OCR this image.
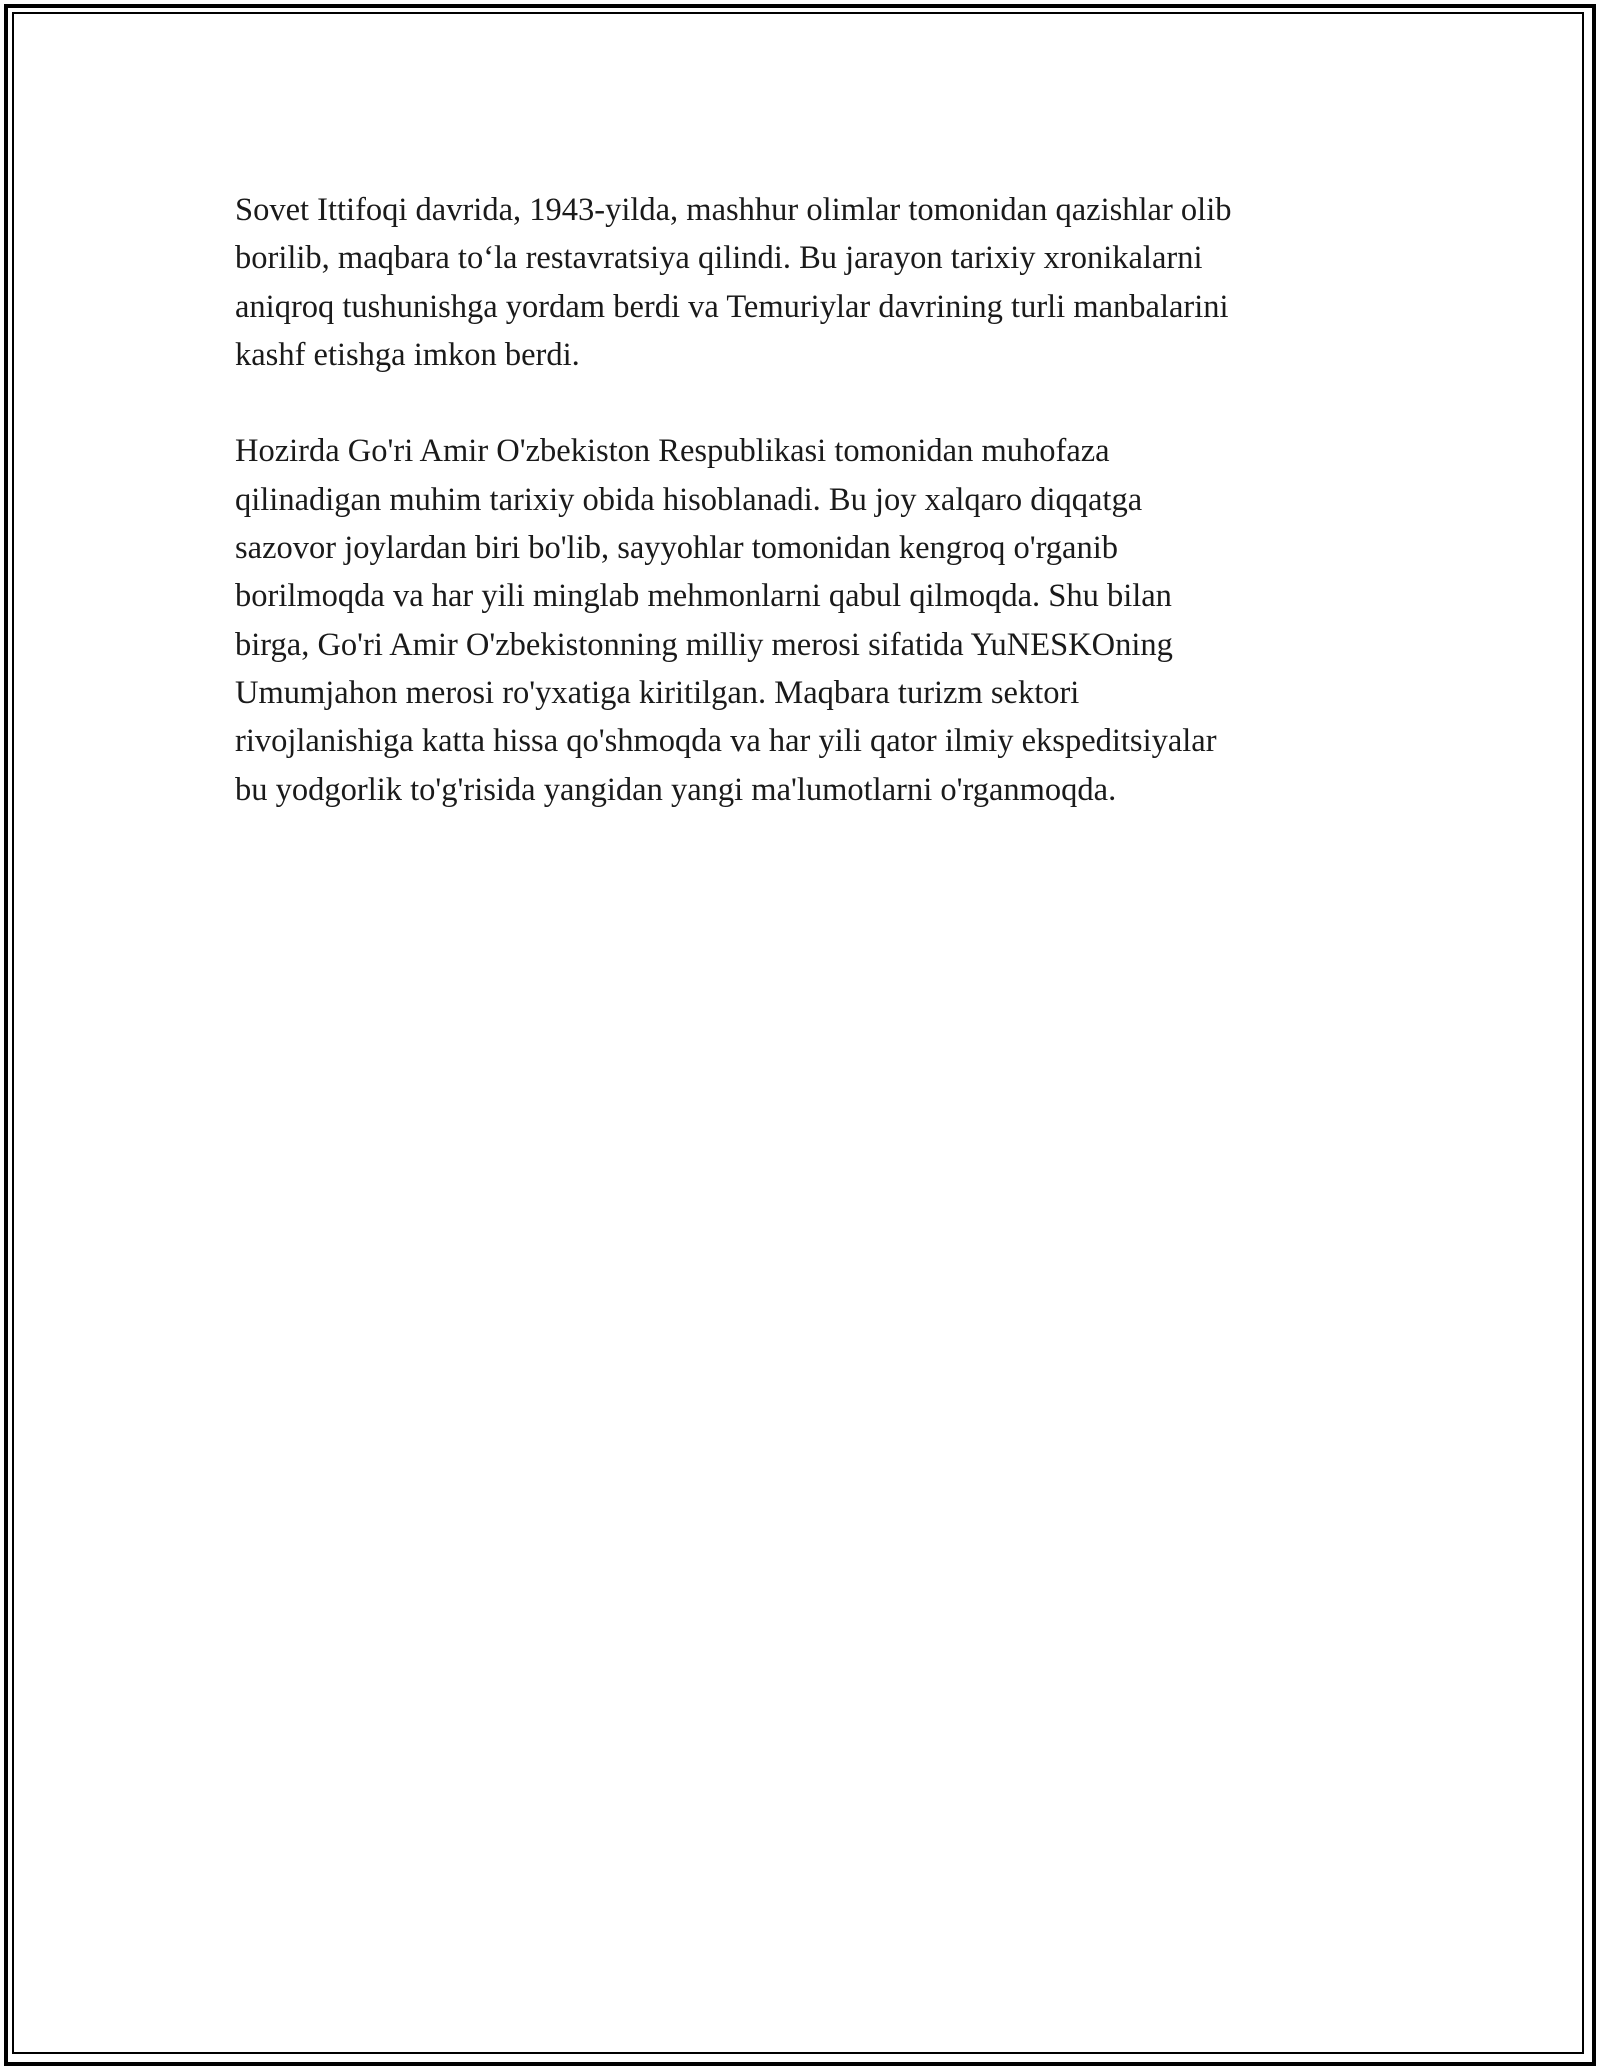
Sovet Ittifoqi davrida, 1943-yilda, mashhur olimlar tomonidan qazishlar olib
borilib, maqbara to‘la restavratsiya qilindi. Bu jarayon tarixiy xronikalarni
aniqroq tushunishga yordam berdi va Temuriylar davrining turli manbalarini
kashf etishga imkon berdi.

Hozirda Go'ri Amir O'zbekiston Respublikasi tomonidan muhofaza
qilinadigan muhim tarixiy obida hisoblanadi. Bu joy xalqaro diqqatga
sazovor joylardan biri bo'lib, sayyohlar tomonidan kengroq o'rganib
borilmoqda va har yili minglab mehmonlarni qabul qilmoqda. Shu bilan
birga, Go'ri Amir O'zbekistonning milliy merosi sifatida YuNESKOning
Umumjahon merosi ro'yxatiga kiritilgan. Maqbara turizm sektori
rivojlanishiga katta hissa qo'shmoqda va har yili qator ilmiy ekspeditsiyalar
bu yodgorlik to'g'risida yangidan yangi ma'lumotlarni o'rganmoqda.
